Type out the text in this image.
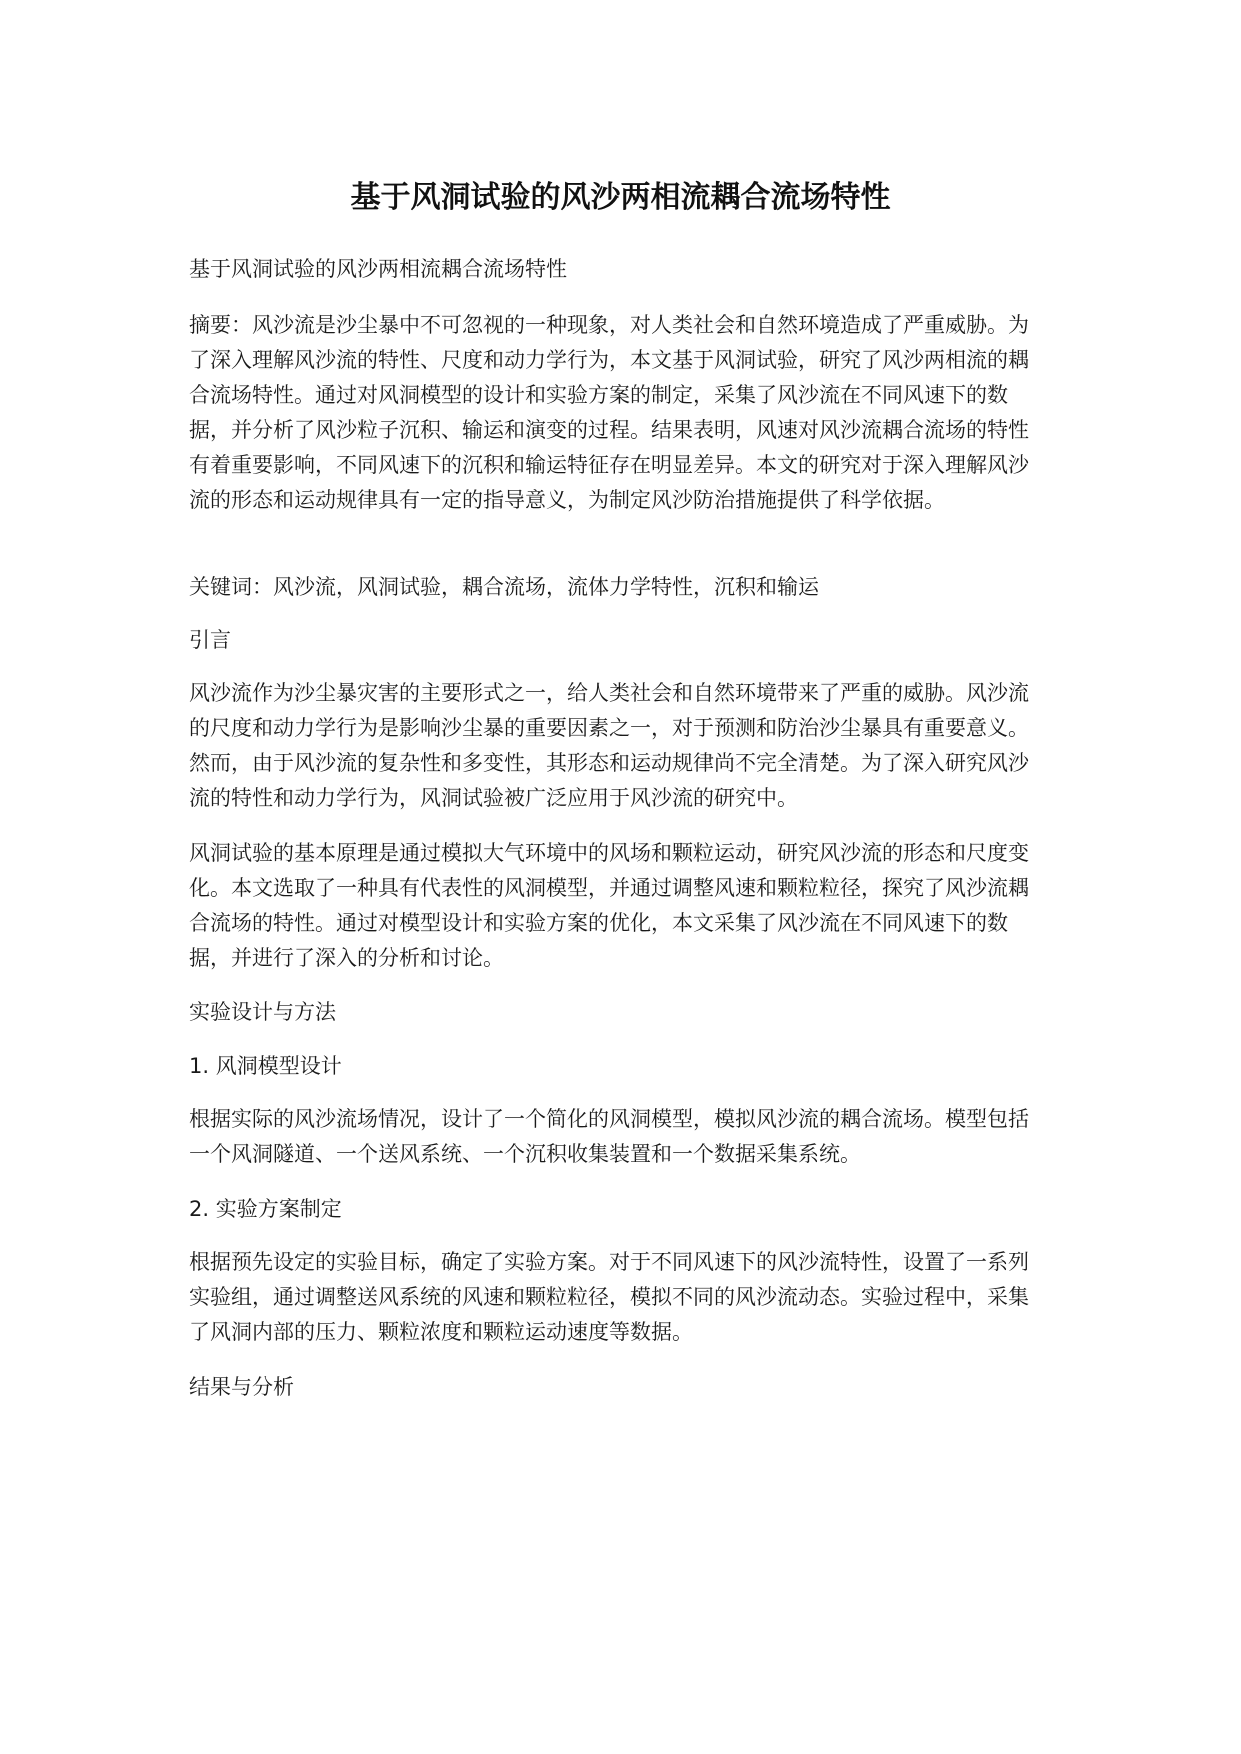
基于风洞试验的风沙两相流耦合流场特性

基于风洞试验的风沙两相流耦合流场特性

摘要：风沙流是沙尘暴中不可忽视的一种现象，对人类社会和自然环境造成了严重威胁。为了深入理解风沙流的特性、尺度和动力学行为，本文基于风洞试验，研究了风沙两相流的耦合流场特性。通过对风洞模型的设计和实验方案的制定，采集了风沙流在不同风速下的数据，并分析了风沙粒子沉积、输运和演变的过程。结果表明，风速对风沙流耦合流场的特性有着重要影响，不同风速下的沉积和输运特征存在明显差异。本文的研究对于深入理解风沙流的形态和运动规律具有一定的指导意义，为制定风沙防治措施提供了科学依据。

关键词：风沙流，风洞试验，耦合流场，流体力学特性，沉积和输运

引言

风沙流作为沙尘暴灾害的主要形式之一，给人类社会和自然环境带来了严重的威胁。风沙流的尺度和动力学行为是影响沙尘暴的重要因素之一，对于预测和防治沙尘暴具有重要意义。然而，由于风沙流的复杂性和多变性，其形态和运动规律尚不完全清楚。为了深入研究风沙流的特性和动力学行为，风洞试验被广泛应用于风沙流的研究中。

风洞试验的基本原理是通过模拟大气环境中的风场和颗粒运动，研究风沙流的形态和尺度变化。本文选取了一种具有代表性的风洞模型，并通过调整风速和颗粒粒径，探究了风沙流耦合流场的特性。通过对模型设计和实验方案的优化，本文采集了风沙流在不同风速下的数据，并进行了深入的分析和讨论。

实验设计与方法

1. 风洞模型设计

根据实际的风沙流场情况，设计了一个简化的风洞模型，模拟风沙流的耦合流场。模型包括一个风洞隧道、一个送风系统、一个沉积收集装置和一个数据采集系统。

2. 实验方案制定

根据预先设定的实验目标，确定了实验方案。对于不同风速下的风沙流特性，设置了一系列实验组，通过调整送风系统的风速和颗粒粒径，模拟不同的风沙流动态。实验过程中，采集了风洞内部的压力、颗粒浓度和颗粒运动速度等数据。

结果与分析
